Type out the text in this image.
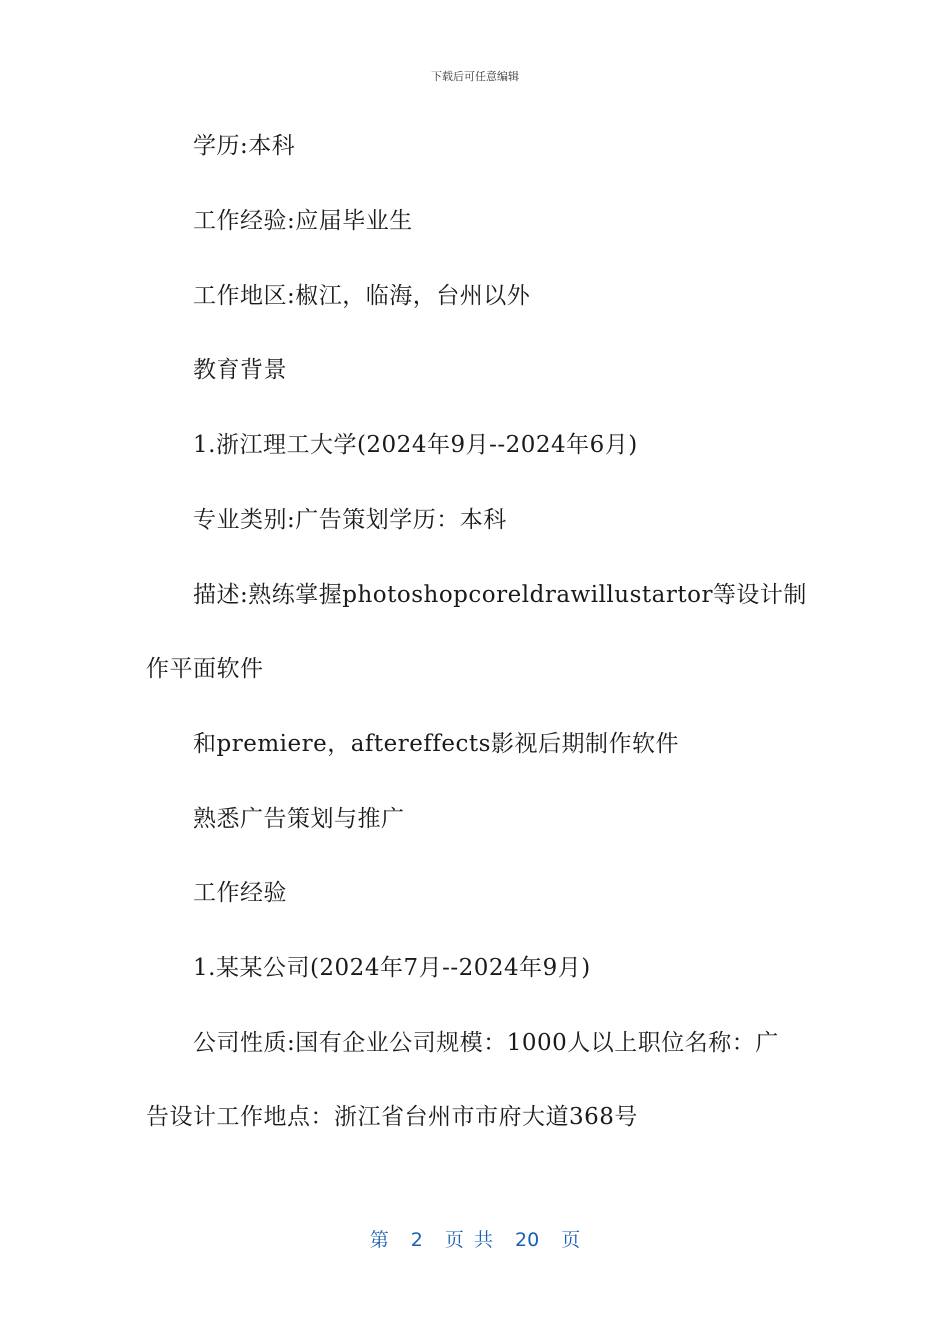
下载后可任意编辑
学历:本科
工作经验:应届毕业生
工作地区:椒江，临海，台州以外
教育背景
1.浙江理工大学(2024年9月--2024年6月)
专业类别:广告策划学历：本科
描述:熟练掌握photoshopcoreldrawillustartor等设计制
作平面软件
和premiere，aftereffects影视后期制作软件
熟悉广告策划与推广
工作经验
1.某某公司(2024年7月--2024年9月)
公司性质:国有企业公司规模：1000人以上职位名称：广
告设计工作地点：浙江省台州市市府大道368号
第 2 页 共 20 页
